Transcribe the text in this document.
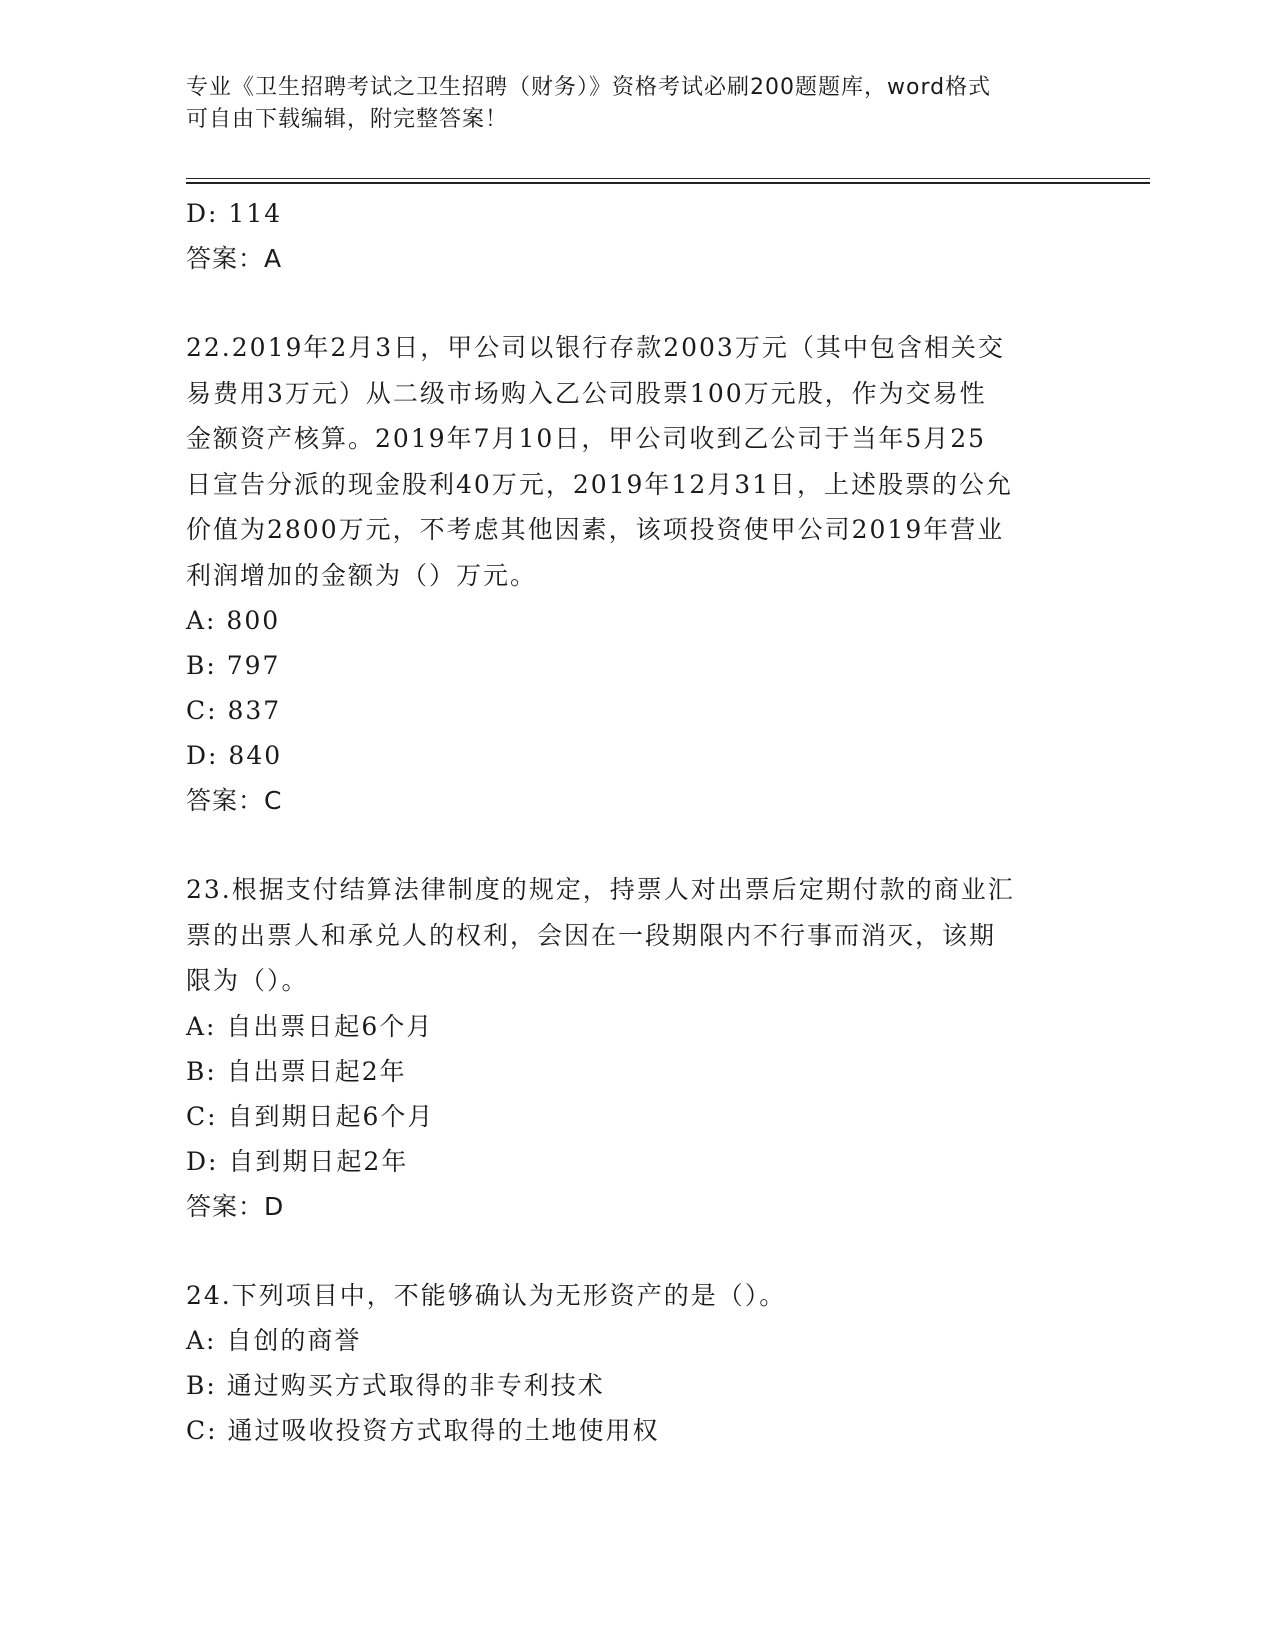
专业《卫生招聘考试之卫生招聘（财务）》资格考试必刷200题题库，word格式
可自由下载编辑，附完整答案！
D: 114
答案：A
22.2019年2月3日，甲公司以银行存款2003万元（其中包含相关交
易费用3万元）从二级市场购入乙公司股票100万元股，作为交易性
金额资产核算。2019年7月10日，甲公司收到乙公司于当年5月25
日宣告分派的现金股利40万元，2019年12月31日，上述股票的公允
价值为2800万元，不考虑其他因素，该项投资使甲公司2019年营业
利润增加的金额为（）万元。
A: 800
B: 797
C: 837
D: 840
答案：C
23.根据支付结算法律制度的规定，持票人对出票后定期付款的商业汇
票的出票人和承兑人的权利，会因在一段期限内不行事而消灭，该期
限为（）。
A: 自出票日起6个月
B: 自出票日起2年
C: 自到期日起6个月
D: 自到期日起2年
答案：D
24.下列项目中，不能够确认为无形资产的是（）。
A: 自创的商誉
B: 通过购买方式取得的非专利技术
C: 通过吸收投资方式取得的土地使用权
